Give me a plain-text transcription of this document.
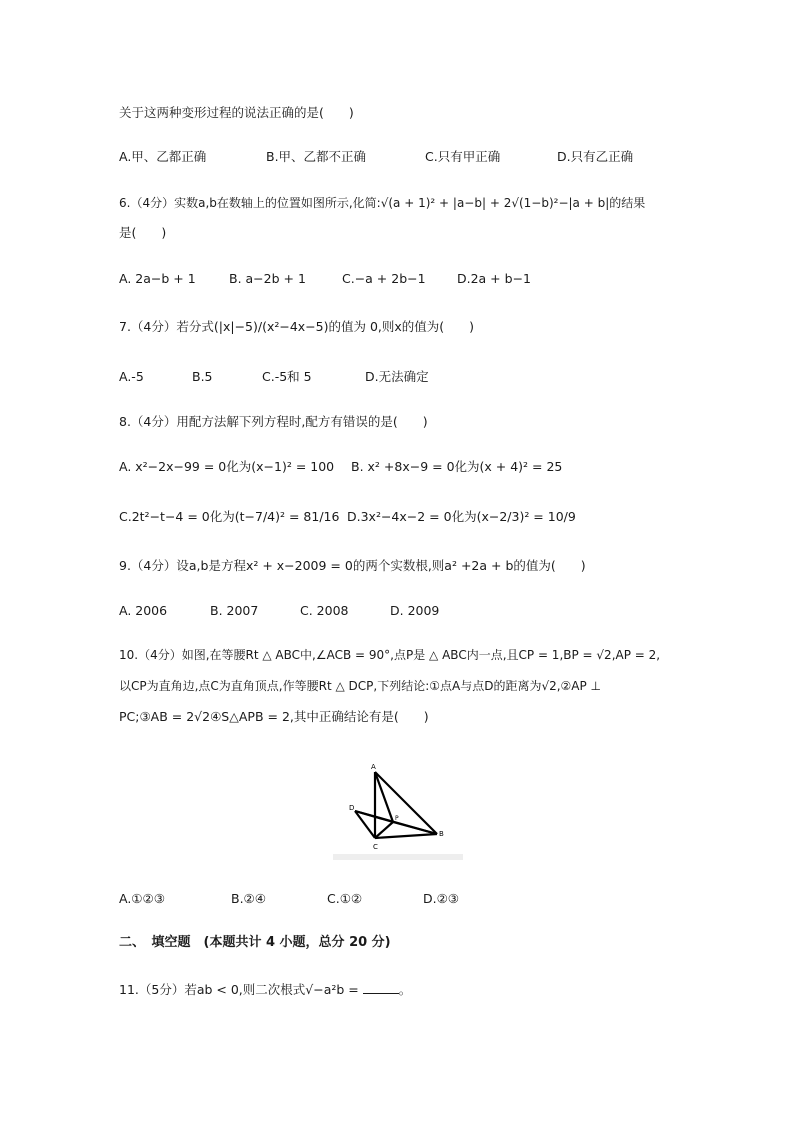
关于这两种变形过程的说法正确的是(　　)
A.甲、乙都正确	B.甲、乙都不正确	C.只有甲正确	D.只有乙正确
6.（4分）实数a,b在数轴上的位置如图所示,化简:√(a + 1)² + |a−b| + 2√(1−b)²−|a + b|的结果
是(　　)
A. 2a−b + 1	B. a−2b + 1	C.−a + 2b−1	D.2a + b−1
7.（4分）若分式(|x|−5)/(x²−4x−5)的值为 0,则x的值为(　　)
A.-5	B.5	C.-5和 5	D.无法确定
8.（4分）用配方法解下列方程时,配方有错误的是(　　)
A. x²−2x−99 = 0化为(x−1)² = 100 B. x² +8x−9 = 0化为(x + 4)² = 25
C.2t²−t−4 = 0化为(t−7/4)² = 81/16 D.3x²−4x−2 = 0化为(x−2/3)² = 10/9
9.（4分）设a,b是方程x² + x−2009 = 0的两个实数根,则a² +2a + b的值为(　　)
A. 2006	B. 2007	C. 2008	D. 2009
10.（4分）如图,在等腰Rt △ ABC中,∠ACB = 90°,点P是 △ ABC内一点,且CP = 1,BP = √2,AP = 2,
以CP为直角边,点C为直角顶点,作等腰Rt △ DCP,下列结论:①点A与点D的距离为√2,②AP ⊥
PC;③AB = 2√2④S△APB = 2,其中正确结论有是(　　)
A
B
C
D
P
A.①②③	B.②④	C.①②	D.②③
二、　填空题　(本题共计 4 小题，总分 20 分)
11.（5分）若ab < 0,则二次根式√−a²b =	。
